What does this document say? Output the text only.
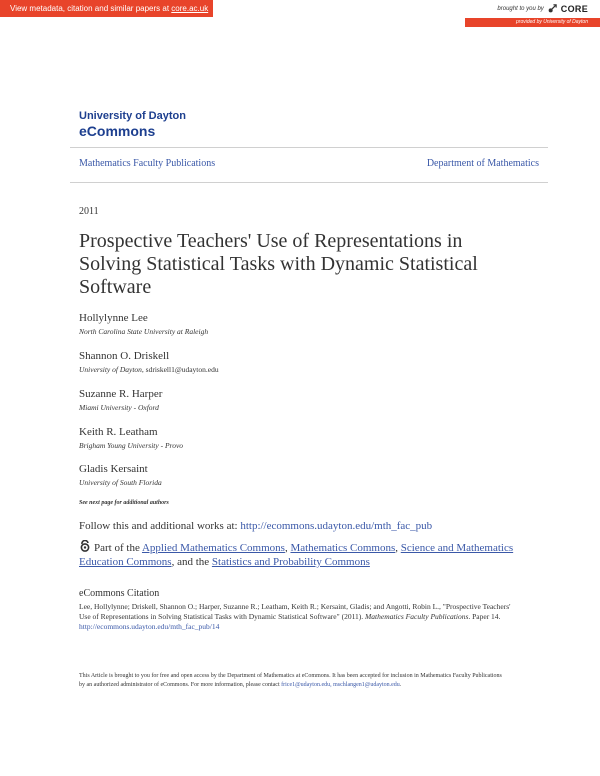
View metadata, citation and similar papers at core.ac.uk	brought to you by CORE
provided by University of Dayton
University of Dayton
eCommons
Mathematics Faculty Publications	Department of Mathematics
2011
Prospective Teachers' Use of Representations in Solving Statistical Tasks with Dynamic Statistical Software
Hollylynne Lee
North Carolina State University at Raleigh
Shannon O. Driskell
University of Dayton, sdriskell1@udayton.edu
Suzanne R. Harper
Miami University - Oxford
Keith R. Leatham
Brigham Young University - Provo
Gladis Kersaint
University of South Florida
See next page for additional authors
Follow this and additional works at: http://ecommons.udayton.edu/mth_fac_pub
Part of the Applied Mathematics Commons, Mathematics Commons, Science and Mathematics Education Commons, and the Statistics and Probability Commons
eCommons Citation
Lee, Hollylynne; Driskell, Shannon O.; Harper, Suzanne R.; Leatham, Keith R.; Kersaint, Gladis; and Angotti, Robin L., "Prospective Teachers' Use of Representations in Solving Statistical Tasks with Dynamic Statistical Software" (2011). Mathematics Faculty Publications. Paper 14.
http://ecommons.udayton.edu/mth_fac_pub/14
This Article is brought to you for free and open access by the Department of Mathematics at eCommons. It has been accepted for inclusion in Mathematics Faculty Publications by an authorized administrator of eCommons. For more information, please contact frice1@udayton.edu, mschlangen1@udayton.edu.
